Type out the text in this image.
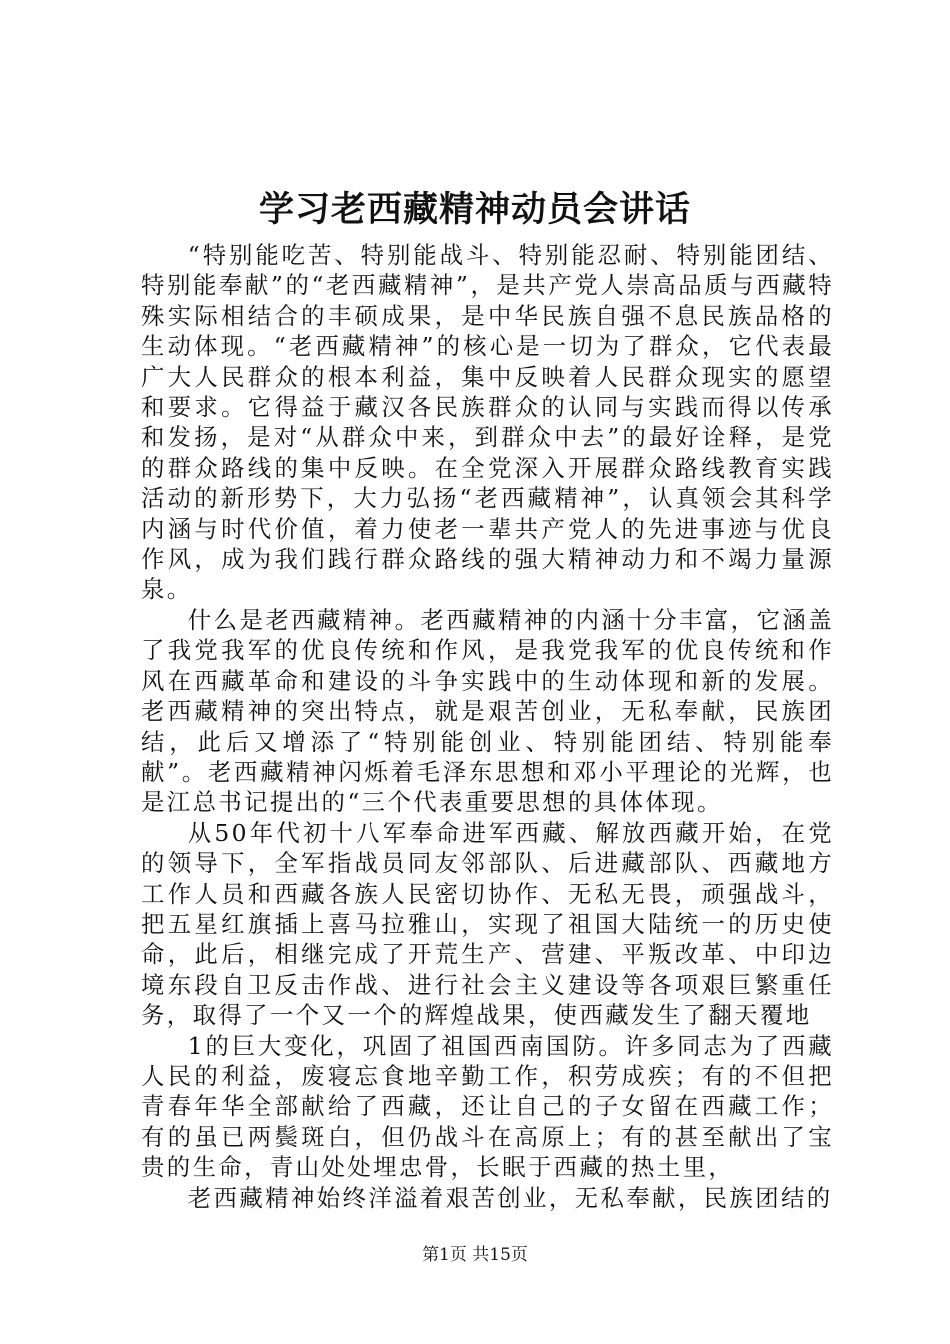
学习老西藏精神动员会讲话

“特别能吃苦、特别能战斗、特别能忍耐、特别能团结、特别能奉献”的“老西藏精神”，是共产党人崇高品质与西藏特殊实际相结合的丰硕成果，是中华民族自强不息民族品格的生动体现。“老西藏精神”的核心是一切为了群众，它代表最广大人民群众的根本利益，集中反映着人民群众现实的愿望和要求。它得益于藏汉各民族群众的认同与实践而得以传承和发扬，是对“从群众中来，到群众中去”的最好诠释，是党的群众路线的集中反映。在全党深入开展群众路线教育实践活动的新形势下，大力弘扬“老西藏精神”，认真领会其科学内涵与时代价值，着力使老一辈共产党人的先进事迹与优良作风，成为我们践行群众路线的强大精神动力和不竭力量源泉。

什么是老西藏精神。老西藏精神的内涵十分丰富，它涵盖了我党我军的优良传统和作风，是我党我军的优良传统和作风在西藏革命和建设的斗争实践中的生动体现和新的发展。老西藏精神的突出特点，就是艰苦创业，无私奉献，民族团结，此后又增添了“特别能创业、特别能团结、特别能奉献”。老西藏精神闪烁着毛泽东思想和邓小平理论的光辉，也是江总书记提出的“三个代表重要思想的具体体现。

从50年代初十八军奉命进军西藏、解放西藏开始，在党的领导下，全军指战员同友邻部队、后进藏部队、西藏地方工作人员和西藏各族人民密切协作、无私无畏，顽强战斗，把五星红旗插上喜马拉雅山，实现了祖国大陆统一的历史使命，此后，相继完成了开荒生产、营建、平叛改革、中印边境东段自卫反击作战、进行社会主义建设等各项艰巨繁重任务，取得了一个又一个的辉煌战果，使西藏发生了翻天覆地

1的巨大变化，巩固了祖国西南国防。许多同志为了西藏人民的利益，废寝忘食地辛勤工作，积劳成疾；有的不但把青春年华全部献给了西藏，还让自己的子女留在西藏工作；有的虽已两鬓斑白，但仍战斗在高原上；有的甚至献出了宝贵的生命，青山处处埋忠骨，长眠于西藏的热土里，

老西藏精神始终洋溢着艰苦创业，无私奉献，民族团结的

第1页 共15页
